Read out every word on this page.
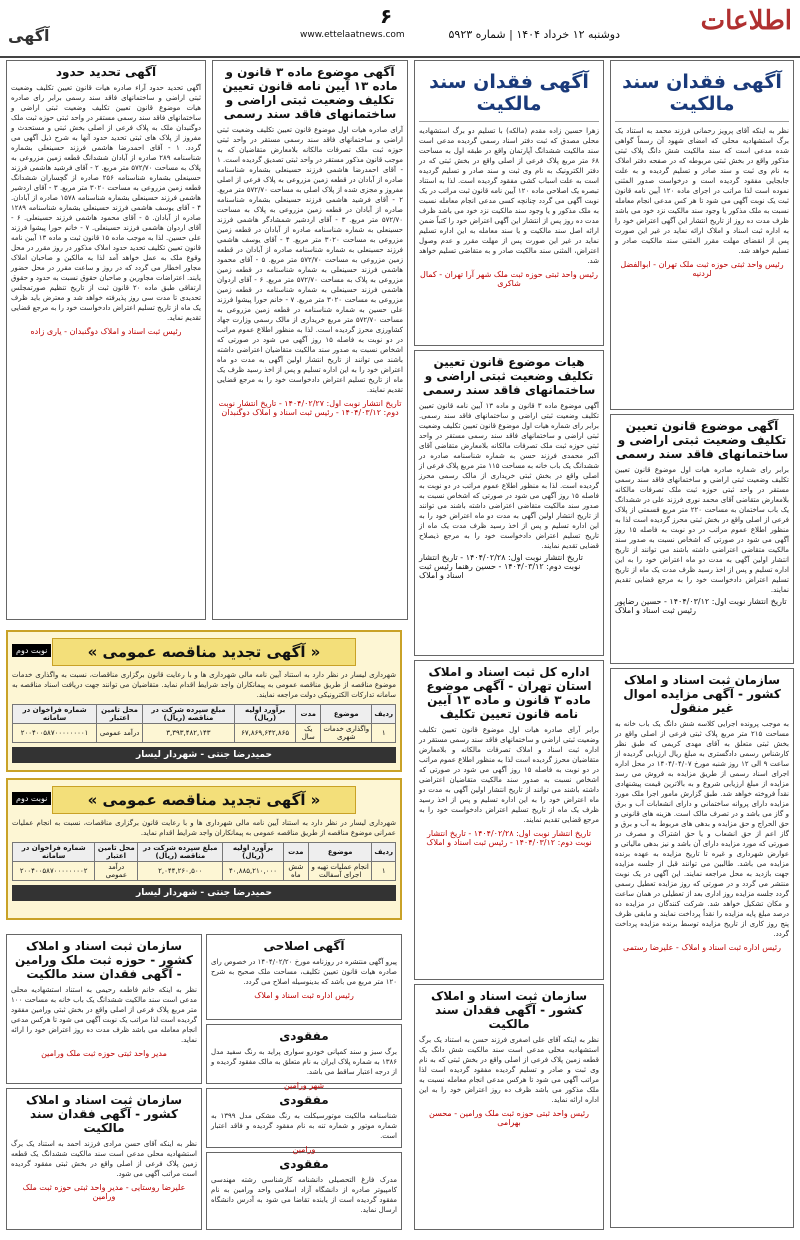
اطلاعات
دوشنبه ۱۲ خرداد ۱۴۰۴ | شماره ۵۹۲۳
www.ettelaatnews.com
۶
آگهی
آگهی فقدان سند مالکیت
نظر به اینکه آقای پرویز رحمانی فرزند محمد به استناد یک برگ استشهادیه محلی که امضای شهود آن رسماً گواهی شده مدعی است که سند مالکیت شش دانگ پلاک ثبتی مذکور واقع در بخش ثبتی مربوطه که در صفحه دفتر املاک به نام وی ثبت و سند صادر و تسلیم گردیده و به علت جابجایی مفقود گردیده است و درخواست صدور المثنی نموده است لذا مراتب در اجرای ماده ۱۲۰ آیین نامه قانون ثبت یک نوبت آگهی می شود تا هر کس مدعی انجام معامله نسبت به ملک مذکور یا وجود سند مالکیت نزد خود می باشد ظرف مدت ده روز از تاریخ انتشار این آگهی اعتراض خود را به اداره ثبت اسناد و املاک ارائه نماید در غیر این صورت پس از انقضای مهلت مقرر المثنی سند مالکیت صادر و تسلیم خواهد شد.
رئیس واحد ثبتی حوزه ثبت ملک تهران - ابوالفضل لردنیه
آگهی موضوع قانون تعیین تکلیف وضعیت ثبتی اراضی و ساختمانهای فاقد سند رسمی
برابر رای شماره صادره هیات اول موضوع قانون تعیین تکلیف وضعیت ثبتی اراضی و ساختمانهای فاقد سند رسمی مستقر در واحد ثبتی حوزه ثبت ملک تصرفات مالکانه بلامعارض متقاضی آقای محمد نوری فرزند علی در ششدانگ یک باب ساختمان به مساحت ۲۲۰ متر مربع قسمتی از پلاک فرعی از اصلی واقع در بخش ثبتی محرز گردیده است لذا به منظور اطلاع عموم مراتب در دو نوبت به فاصله ۱۵ روز آگهی می شود در صورتی که اشخاص نسبت به صدور سند مالکیت متقاضی اعتراضی داشته باشند می توانند از تاریخ انتشار اولین آگهی به مدت دو ماه اعتراض خود را به این اداره تسلیم و پس از اخذ رسید ظرف مدت یک ماه از تاریخ تسلیم اعتراض دادخواست خود را به مرجع قضایی تقدیم نمایند.
تاریخ انتشار نوبت اول: ۱۴۰۴/۰۳/۱۲ - حسین رضاپور رئیس ثبت اسناد و املاک
سازمان ثبت اسناد و املاک کشور - آگهی مزایده اموال غیر منقول
به موجب پرونده اجرایی کلاسه شش دانگ یک باب خانه به مساحت ۲۱۵ متر مربع پلاک ثبتی فرعی از اصلی واقع در بخش ثبتی متعلق به آقای مهدی کریمی که طبق نظر کارشناس رسمی دادگستری به مبلغ ریال ارزیابی گردیده از ساعت ۹ الی ۱۲ روز شنبه مورخ ۱۴۰۴/۰۴/۰۷ در محل اداره اجرای اسناد رسمی از طریق مزایده به فروش می رسد مزایده از مبلغ ارزیابی شروع و به بالاترین قیمت پیشنهادی نقداً فروخته خواهد شد. طبق گزارش مامور اجرا ملک مورد مزایده دارای پروانه ساختمانی و دارای انشعابات آب و برق و گاز می باشد و در تصرف مالک است. هزینه های قانونی و حق الحراج و حق مزایده و بدهی های مربوط به آب و برق و گاز اعم از حق انشعاب و یا حق اشتراک و مصرف در صورتی که مورد مزایده دارای آن باشد و نیز بدهی مالیاتی و عوارض شهرداری و غیره تا تاریخ مزایده به عهده برنده مزایده می باشد. طالبین می توانند قبل از جلسه مزایده جهت بازدید به محل مراجعه نمایند. این آگهی در یک نوبت منتشر می گردد و در صورتی که روز مزایده تعطیل رسمی گردد جلسه مزایده روز اداری بعد از تعطیلی در همان ساعت و مکان تشکیل خواهد شد. شرکت کنندگان در مزایده ده درصد مبلغ پایه مزایده را نقداً پرداخت نمایند و مابقی ظرف پنج روز کاری از تاریخ مزایده توسط برنده مزایده پرداخت گردد.
رئیس اداره ثبت اسناد و املاک - علیرضا رستمی
آگهی فقدان سند مالکیت
زهرا حسین زاده مقدم (مالکه) با تسلیم دو برگ استشهادیه محلی مصدق که ثبت دفتر اسناد رسمی گردیده مدعی است سند مالکیت ششدانگ آپارتمان واقع در طبقه اول به مساحت ۶۸ متر مربع پلاک فرعی از اصلی واقع در بخش ثبتی که در دفتر الکترونیک به نام وی ثبت و سند صادر و تسلیم گردیده است به علت اسباب کشی مفقود گردیده است. لذا به استناد تبصره یک اصلاحی ماده ۱۲۰ آیین نامه قانون ثبت مراتب در یک نوبت آگهی می گردد چنانچه کسی مدعی انجام معامله نسبت به ملک مذکور و یا وجود سند مالکیت نزد خود می باشد ظرف مدت ده روز پس از انتشار این آگهی اعتراض خود را کتباً ضمن ارائه اصل سند مالکیت و یا سند معامله به این اداره تسلیم نماید در غیر این صورت پس از مهلت مقرر و عدم وصول اعتراض، المثنی سند مالکیت صادر و به متقاضی تسلیم خواهد شد.
رئیس واحد ثبتی حوزه ثبت ملک شهر آرا تهران - کمال شاکری
هیات موضوع قانون تعیین تکلیف وضعیت ثبتی اراضی و ساختمانهای فاقد سند رسمی
آگهی موضوع ماده ۳ قانون و ماده ۱۳ آیین نامه قانون تعیین تکلیف وضعیت ثبتی اراضی و ساختمانهای فاقد سند رسمی. برابر رای شماره هیات اول موضوع قانون تعیین تکلیف وضعیت ثبتی اراضی و ساختمانهای فاقد سند رسمی مستقر در واحد ثبتی حوزه ثبت ملک تصرفات مالکانه بلامعارض متقاضی آقای اکبر محمدی فرزند حسن به شماره شناسنامه صادره در ششدانگ یک باب خانه به مساحت ۱۱۵ متر مربع پلاک فرعی از اصلی واقع در بخش ثبتی خریداری از مالک رسمی محرز گردیده است. لذا به منظور اطلاع عموم مراتب در دو نوبت به فاصله ۱۵ روز آگهی می شود در صورتی که اشخاص نسبت به صدور سند مالکیت متقاضی اعتراضی داشته باشند می توانند از تاریخ انتشار اولین آگهی به مدت دو ماه اعتراض خود را به این اداره تسلیم و پس از اخذ رسید ظرف مدت یک ماه از تاریخ تسلیم اعتراض دادخواست خود را به مرجع ذیصلاح قضایی تقدیم نمایند.
تاریخ انتشار نوبت اول: ۱۴۰۴/۰۲/۲۸ - تاریخ انتشار نوبت دوم: ۱۴۰۴/۰۳/۱۲ - حسین رهنما رئیس ثبت اسناد و املاک
اداره کل ثبت اسناد و املاک استان تهران - آگهی موضوع ماده ۳ قانون و ماده ۱۳ آیین نامه قانون تعیین تکلیف
برابر آرای صادره هیات اول موضوع قانون تعیین تکلیف وضعیت ثبتی اراضی و ساختمانهای فاقد سند رسمی مستقر در اداره ثبت اسناد و املاک تصرفات مالکانه و بلامعارض متقاضیان محرز گردیده است لذا به منظور اطلاع عموم مراتب در دو نوبت به فاصله ۱۵ روز آگهی می شود در صورتی که اشخاص نسبت به صدور سند مالکیت متقاضیان اعتراضی داشته باشند می توانند از تاریخ انتشار اولین آگهی به مدت دو ماه اعتراض خود را به این اداره تسلیم و پس از اخذ رسید ظرف یک ماه از تاریخ تسلیم اعتراض دادخواست خود را به مرجع قضایی تقدیم نمایند.
تاریخ انتشار نوبت اول: ۱۴۰۴/۰۲/۲۸ - تاریخ انتشار نوبت دوم: ۱۴۰۴/۰۳/۱۲ - رئیس ثبت اسناد و املاک
سازمان ثبت اسناد و املاک کشور - آگهی فقدان سند مالکیت
نظر به اینکه آقای علی اصغری فرزند حسن به استناد یک برگ استشهادیه محلی مدعی است سند مالکیت شش دانگ یک قطعه زمین پلاک فرعی از اصلی واقع در بخش ثبتی که به نام وی ثبت و صادر و تسلیم گردیده مفقود گردیده است لذا مراتب آگهی می شود تا هرکس مدعی انجام معامله نسبت به ملک مذکور می باشد ظرف ده روز اعتراض خود را به این اداره ارائه نماید.
رئیس واحد ثبتی حوزه ثبت ملک ورامین - محسن بهرامی
آگهی موضوع ماده ۳ قانون و ماده ۱۳ آیین نامه قانون تعیین تکلیف وضعیت ثبتی اراضی و ساختمانهای فاقد سند رسمی
آرای صادره هیات اول موضوع قانون تعیین تکلیف وضعیت ثبتی اراضی و ساختمانهای فاقد سند رسمی مستقر در واحد ثبتی حوزه ثبت ملک تصرفات مالکانه بلامعارض متقاضیان که به موجب قانون مذکور مستقر در واحد ثبتی تصدیق گردیده است. ۱ - آقای احمدرضا هاشمی فرزند حسینعلی بشماره شناسنامه صادره از آبادان در قطعه زمین مزروعی به پلاک فرعی از اصلی مفروز و مجزی شده از پلاک اصلی به مساحت ۵۷۲/۷۰ متر مربع. ۲ - آقای فرشید هاشمی فرزند حسینعلی بشماره شناسنامه صادره از آبادان در قطعه زمین مزروعی به پلاک به مساحت ۵۷۲/۷۰ متر مربع. ۳ - آقای اردشیر شمشادگر هاشمی فرزند حسینعلی به شماره شناسنامه صادره از آبادان در قطعه زمین مزروعی به مساحت ۳۰۲۰ متر مربع. ۴ - آقای یوسف هاشمی فرزند حسینعلی به شماره شناسنامه صادره از آبادان در قطعه زمین مزروعی به مساحت ۵۷۲/۷۰ متر مربع. ۵ - آقای محمود هاشمی فرزند حسینعلی به شماره شناسنامه در قطعه زمین مزروعی به پلاک به مساحت ۵۷۲/۷۰ متر مربع. ۶ - آقای اردوان هاشمی فرزند حسینعلی به شماره شناسنامه در قطعه زمین مزروعی به مساحت ۳۰۲۰ متر مربع. ۷ - خانم حورا پیشوا فرزند علی حسین به شماره شناسنامه در قطعه زمین مزروعی به مساحت ۵۷۲/۷۰ متر مربع خریداری از مالک رسمی وزارت جهاد کشاورزی محرز گردیده است. لذا به منظور اطلاع عموم مراتب در دو نوبت به فاصله ۱۵ روز آگهی می شود در صورتی که اشخاص نسبت به صدور سند مالکیت متقاضیان اعتراضی داشته باشند می توانند از تاریخ انتشار اولین آگهی به مدت دو ماه اعتراض خود را به این اداره تسلیم و پس از اخذ رسید ظرف یک ماه از تاریخ تسلیم اعتراض دادخواست خود را به مرجع قضایی تقدیم نمایند.
تاریخ انتشار نوبت اول: ۱۴۰۴/۰۲/۲۷ - تاریخ انتشار نوبت دوم: ۱۴۰۴/۰۳/۱۲ - رئیس ثبت اسناد و املاک دوگنبدان
آگهی تحدید حدود
آگهی تحدید حدود آراء صادره هیات قانون تعیین تکلیف وضعیت ثبتی اراضی و ساختمانهای فاقد سند رسمی برابر رای صادره هیات موضوع قانون تعیین تکلیف وضعیت ثبتی اراضی و ساختمانهای فاقد سند رسمی مستقر در واحد ثبتی حوزه ثبت ملک دوگنبدان ملک به پلاک فرعی از اصلی بخش ثبتی و مستحدث و مفروز از پلاک های ثبتی تحدید حدود آنها به شرح ذیل آگهی می گردد. ۱ - آقای احمدرضا هاشمی فرزند حسینعلی بشماره شناسنامه ۲۸۹ صادره از آبادان ششدانگ قطعه زمین مزروعی به پلاک به مساحت ۵۷۲/۷۰ متر مربع. ۲ - آقای فرشید هاشمی فرزند حسینعلی بشماره شناسنامه ۲۵۶ صادره از گچساران ششدانگ قطعه زمین مزروعی به مساحت ۳۰۲۰ متر مربع. ۳ - آقای اردشیر هاشمی فرزند حسینعلی بشماره شناسنامه ۱۵۷۸ صادره از آبادان. ۴ - آقای یوسف هاشمی فرزند حسینعلی بشماره شناسنامه ۱۲۸۹ صادره از آبادان. ۵ - آقای محمود هاشمی فرزند حسینعلی. ۶ - آقای اردوان هاشمی فرزند حسینعلی. ۷ - خانم حورا پیشوا فرزند علی حسین. لذا به موجب ماده ۱۵ قانون ثبت و ماده ۱۳ آیین نامه قانون تعیین تکلیف تحدید حدود املاک مذکور در روز مقرر در محل وقوع ملک به عمل خواهد آمد لذا به مالکین و صاحبان املاک مجاور اخطار می گردد که در روز و ساعت مقرر در محل حضور یابند. اعتراضات مجاورین و صاحبان حقوق نسبت به حدود و حقوق ارتفاقی طبق ماده ۲۰ قانون ثبت از تاریخ تنظیم صورتمجلس تحدیدی تا مدت سی روز پذیرفته خواهد شد و معترض باید ظرف یک ماه از تاریخ تسلیم اعتراض دادخواست خود را به مرجع قضایی تقدیم نماید.
رئیس ثبت اسناد و املاک دوگنبدان - یاری زاده
« آگهی تجدید مناقصه عمومی »
نوبت دوم
شهرداری لیسار در نظر دارد به استناد آیین نامه مالی شهرداری ها و با رعایت قانون برگزاری مناقصات، نسبت به واگذاری خدمات موضوع مناقصه از طریق مناقصه عمومی به پیمانکاران واجد شرایط اقدام نماید. متقاضیان می توانند جهت دریافت اسناد مناقصه به سامانه تدارکات الکترونیکی دولت مراجعه نمایند.
ردیف	موضوع	مدت	برآورد اولیه (ریال)	مبلغ سپرده شرکت در مناقصه (ریال)	محل تامین اعتبار	شماره فراخوان در سامانه
۱	واگذاری خدمات شهری	یک سال	۶۷,۸۶۹,۶۴۲,۸۶۵	۳,۳۹۳,۴۸۲,۱۴۳	درآمد عمومی	۲۰۰۴۰۰۵۸۷۰۰۰۰۰۰۰۰۱
حمیدرضا جنتی - شهردار لیسار
« آگهی تجدید مناقصه عمومی »
نوبت دوم
شهرداری لیسار در نظر دارد به استناد آیین نامه مالی شهرداری ها و با رعایت قانون برگزاری مناقصات، نسبت به انجام عملیات عمرانی موضوع مناقصه از طریق مناقصه عمومی به پیمانکاران واجد شرایط اقدام نماید.
ردیف	موضوع	مدت	برآورد اولیه (ریال)	مبلغ سپرده شرکت در مناقصه (ریال)	محل تامین اعتبار	شماره فراخوان در سامانه
۱	انجام عملیات تهیه و اجرای آسفالت	شش ماه	۴۰,۸۸۵,۲۱۰,۰۰۰	۲,۰۴۴,۲۶۰,۵۰۰	درآمد عمومی	۲۰۰۴۰۰۵۸۷۰۰۰۰۰۰۰۰۲
حمیدرضا جنتی - شهردار لیسار
آگهی اصلاحی
پیرو آگهی منتشره در روزنامه مورخ ۱۴۰۴/۰۲/۲۰ در خصوص رای صادره هیات قانون تعیین تکلیف، مساحت ملک صحیح به شرح ۱۲۰ متر مربع می باشد که بدینوسیله اصلاح می گردد.
رئیس اداره ثبت اسناد و املاک
مفقودی
برگ سبز و سند کمپانی خودرو سواری پراید به رنگ سفید مدل ۱۳۸۶ به شماره پلاک ایران به نام متعلق به مالک مفقود گردیده و از درجه اعتبار ساقط می باشد.
شهر ورامین
مفقودی
شناسنامه مالکیت موتورسیکلت به رنگ مشکی مدل ۱۳۹۹ به شماره موتور و شماره تنه به نام مفقود گردیده و فاقد اعتبار است.
ورامین
مفقودی
مدرک فارغ التحصیلی دانشنامه کارشناسی رشته مهندسی کامپیوتر صادره از دانشگاه آزاد اسلامی واحد ورامین به نام مفقود گردیده است از یابنده تقاضا می شود به آدرس دانشگاه ارسال نماید.
سازمان ثبت اسناد و املاک کشور - حوزه ثبت ملک ورامین - آگهی فقدان سند مالکیت
نظر به اینکه خانم فاطمه رحیمی به استناد استشهادیه محلی مدعی است سند مالکیت ششدانگ یک باب خانه به مساحت ۱۰۰ متر مربع پلاک فرعی از اصلی واقع در بخش ثبتی ورامین مفقود گردیده است لذا مراتب یک نوبت آگهی می شود تا هرکس مدعی انجام معامله می باشد ظرف مدت ده روز اعتراض خود را ارائه نماید.
مدیر واحد ثبتی حوزه ثبت ملک ورامین
سازمان ثبت اسناد و املاک کشور - آگهی فقدان سند مالکیت
نظر به اینکه آقای حسن مرادی فرزند احمد به استناد یک برگ استشهادیه محلی مدعی است سند مالکیت ششدانگ یک قطعه زمین پلاک فرعی از اصلی واقع در بخش ثبتی مفقود گردیده است مراتب آگهی می شود.
علیرضا روستایی - مدیر واحد ثبتی حوزه ثبت ملک ورامین
